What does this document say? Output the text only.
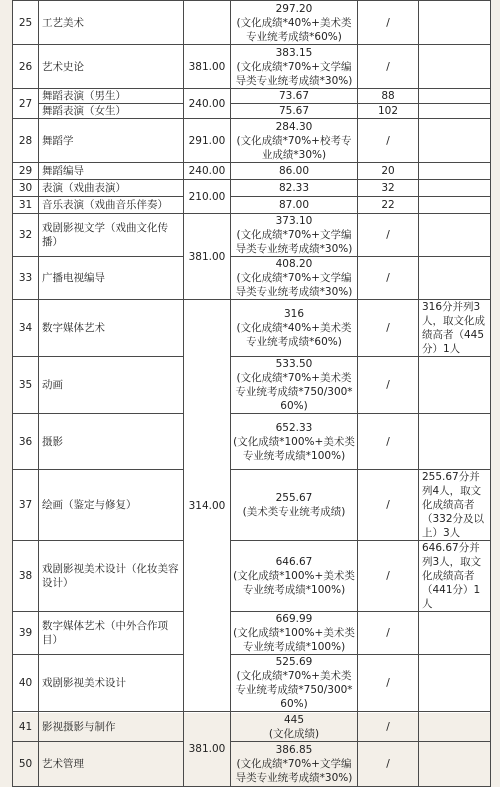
25	工艺美术		297.20
(文化成绩*40%+美术类专业统考成绩*60%)	/	
26	艺术史论	381.00	383.15
(文化成绩*70%+文学编导类专业统考成绩*30%)	/	
27	舞蹈表演（男生）	240.00	73.67	88	
	舞蹈表演（女生）		75.67	102	
28	舞蹈学	291.00	284.30
(文化成绩*70%+校考专业成绩*30%)	/	
29	舞蹈编导	240.00	86.00	20	
30	表演（戏曲表演）	210.00	82.33	32	
31	音乐表演（戏曲音乐伴奏）		87.00	22	
32	戏剧影视文学（戏曲文化传播）	381.00	373.10
(文化成绩*70%+文学编导类专业统考成绩*30%)	/	
33	广播电视编导		408.20
(文化成绩*70%+文学编导类专业统考成绩*30%)	/	
34	数字媒体艺术	314.00	316
(文化成绩*40%+美术类专业统考成绩*60%)	/	316分并列3人，取文化成绩高者（445分）1人
35	动画		533.50
(文化成绩*70%+美术类专业统考成绩*750/300*60%)	/	
36	摄影		652.33
(文化成绩*100%+美术类专业统考成绩*100%)	/	
37	绘画（鉴定与修复）		255.67
(美术类专业统考成绩)	/	255.67分并列4人，取文化成绩高者（332分及以上）3人
38	戏剧影视美术设计（化妆美容设计）		646.67
(文化成绩*100%+美术类专业统考成绩*100%)	/	646.67分并列3人，取文化成绩高者（441分）1人
39	数字媒体艺术（中外合作项目）		669.99
(文化成绩*100%+美术类专业统考成绩*100%)	/	
40	戏剧影视美术设计		525.69
(文化成绩*70%+美术类专业统考成绩*750/300*60%)	/	
41	影视摄影与制作	381.00	445
(文化成绩)	/	
50	艺术管理		386.85
(文化成绩*70%+文学编导类专业统考成绩*30%)	/	
